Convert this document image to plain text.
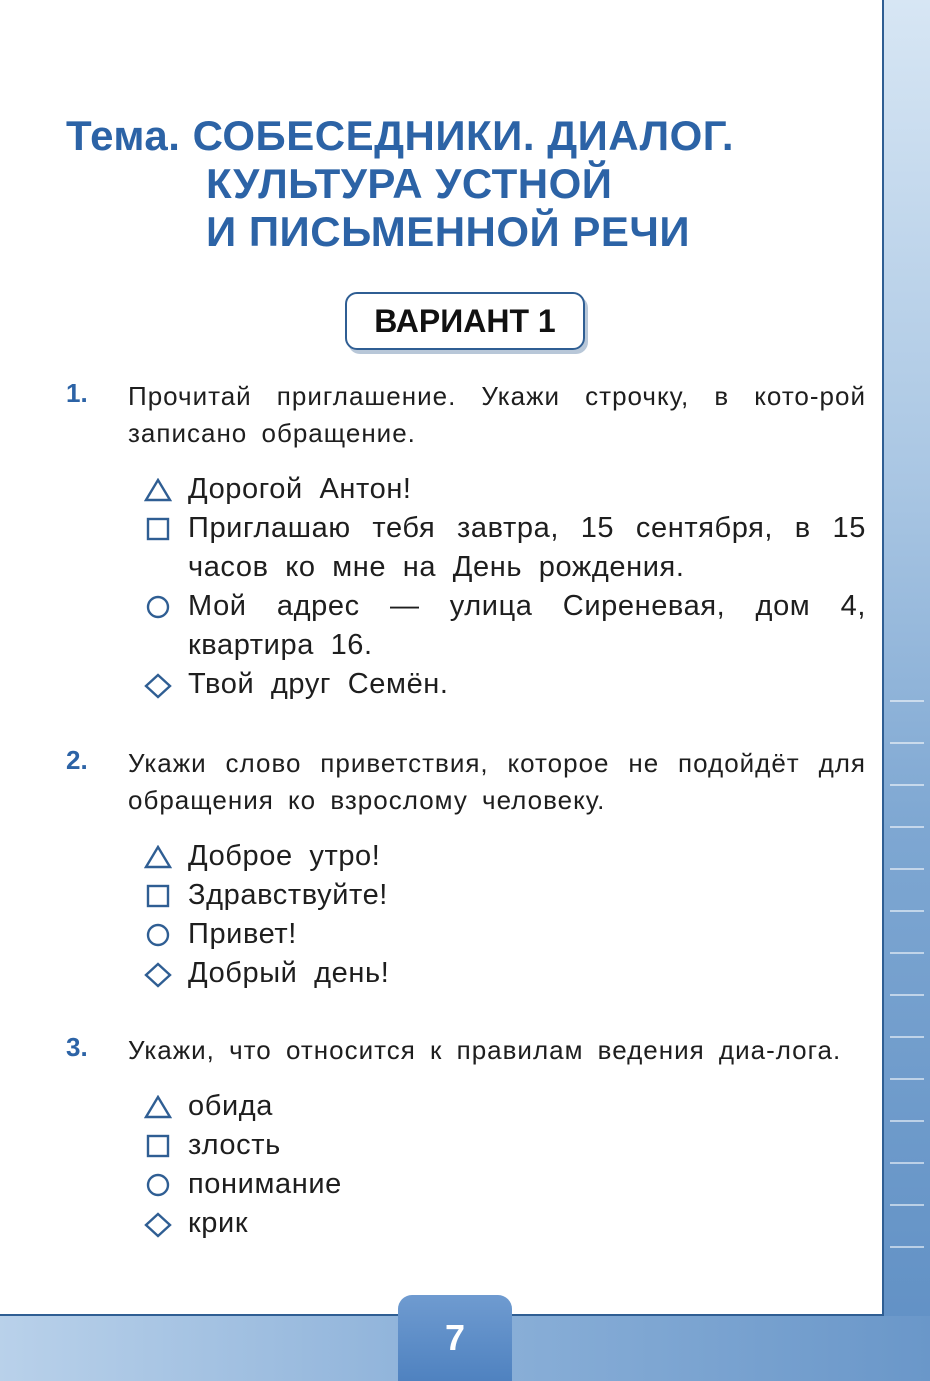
Тема. СОБЕСЕДНИКИ. ДИАЛОГ.
КУЛЬТУРА УСТНОЙ
И ПИСЬМЕННОЙ РЕЧИ
ВАРИАНТ 1
1. Прочитай приглашение. Укажи строчку, в кото-рой записано обращение.
Дорогой Антон!
Приглашаю тебя завтра, 15 сентября, в 15 часов ко мне на День рождения.
Мой адрес — улица Сиреневая, дом 4, квартира 16.
Твой друг Семён.
2. Укажи слово приветствия, которое не подойдёт для обращения ко взрослому человеку.
Доброе утро!
Здравствуйте!
Привет!
Добрый день!
3. Укажи, что относится к правилам ведения диа-лога.
обида
злость
понимание
крик
7
